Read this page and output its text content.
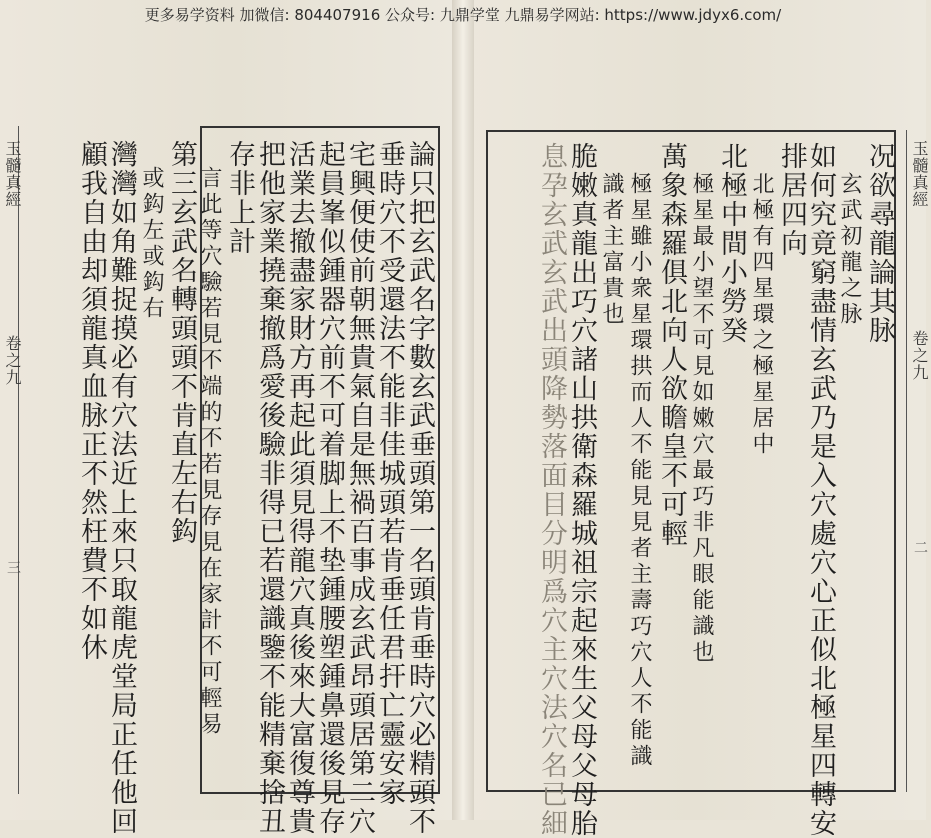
更多易学资料 加微信: 804407916 公众号: 九鼎学堂 九鼎易学网站: https://www.jdyx6.com/
玉髓真經
卷之九
三	論只把玄武名字數玄武垂頭第一名頭肯垂時穴必精頭不
垂時穴不受還法不能非佳城頭若肯垂任君扞亡靈安家
宅興便使前朝無貴氣自是無禍百事成玄武昂頭居第二穴
起員峯似鍾器穴前不可着脚上不垫鍾腰塑鍾鼻還後見存
活業去撤盡家財方再起此須見得龍穴真後來大富復尊貴
把他家業撓棄撤爲愛後驗非得已若還識鑒不能精棄捨丑
存非上計
言此等穴驗若見不端的不若見存見在家計不可輕易
第三玄武名轉頭頭不肯直左右鈎
或鈎左或鈎右
灣灣如角難捉摸必有穴法近上來只取龍虎堂局正任他回
顧我自由却須龍真血脉正不然枉費不如休	玉髓真經
卷之九
二
况欲尋龍論其脉
玄武初龍之脉
如何究竟窮盡情玄武乃是入穴處穴心正似北極星四轉安
排居四向
北極有四星環之極星居中
北極中間小勞癸
極星最小望不可見如嫩穴最巧非凡眼能識也
萬象森羅俱北向人欲瞻皇不可輕
極星雖小衆星環拱而人不能見見者主壽巧穴人不能識
識者主富貴也
脆嫩真龍出巧穴諸山拱衛森羅城祖宗起來生父母父母胎
息孕玄武玄武出頭降勢落面目分明爲穴主穴法穴名已細
